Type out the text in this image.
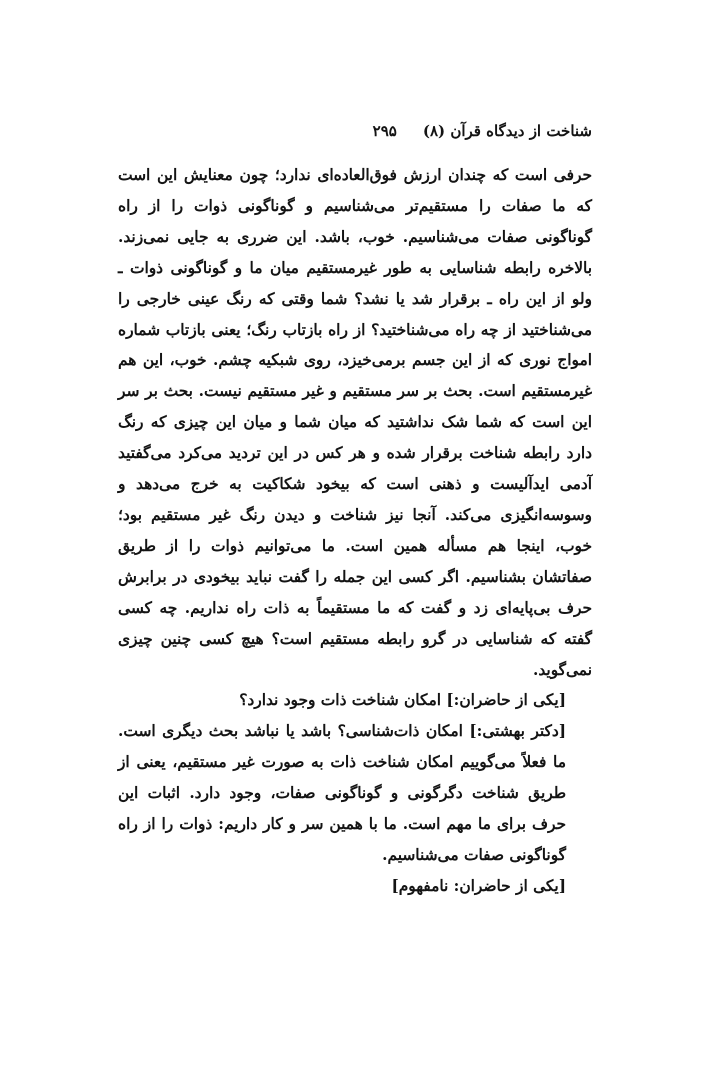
شناخت از دیدگاه قرآن (۸)
۲۹۵

حرفی است که چندان ارزش فوق‌العاده‌ای ندارد؛ چون معنایش این است که ما صفات را مستقیم‌تر می‌شناسیم و گوناگونی ذوات را از راه گوناگونی صفات می‌شناسیم. خوب، باشد. این ضرری به جایی نمی‌زند. بالاخره رابطه شناسایی به طور غیرمستقیم میان ما و گوناگونی ذوات ـ ولو از این راه ـ برقرار شد یا نشد؟ شما وقتی که رنگ عینی خارجی را می‌شناختید از چه راه می‌شناختید؟ از راه بازتاب رنگ؛ یعنی بازتاب شماره امواج نوری که از این جسم برمی‌خیزد، روی شبکیه چشم. خوب، این هم غیرمستقیم است. بحث بر سر مستقیم و غیر مستقیم نیست. بحث بر سر این است که شما شک نداشتید که میان شما و میان این چیزی که رنگ دارد رابطه شناخت برقرار شده و هر کس در این تردید می‌کرد می‌گفتید آدمی ایدآلیست و ذهنی است که بیخود شکاکیت به خرج می‌دهد و وسوسه‌انگیزی می‌کند. آنجا نیز شناخت و دیدن رنگ غیر مستقیم بود؛ خوب، اینجا هم مسأله همین است. ما می‌توانیم ذوات را از طریق صفاتشان بشناسیم. اگر کسی این جمله را گفت نباید بیخودی در برابرش حرف بی‌پایه‌ای زد و گفت که ما مستقیماً به ذات راه نداریم. چه کسی گفته که شناسایی در گرو رابطه مستقیم است؟ هیچ کسی چنین چیزی نمی‌گوید.

[یکی از حاضران:] امکان شناخت ذات وجود ندارد؟

[دکتر بهشتی:] امکان ذات‌شناسی؟ باشد یا نباشد بحث دیگری است. ما فعلاً می‌گوییم امکان شناخت ذات به صورت غیر مستقیم، یعنی از طریق شناخت دگرگونی و گوناگونی صفات، وجود دارد. اثبات این حرف برای ما مهم است. ما با همین سر و کار داریم: ذوات را از راه گوناگونی صفات می‌شناسیم.

[یکی از حاضران: نامفهوم]
